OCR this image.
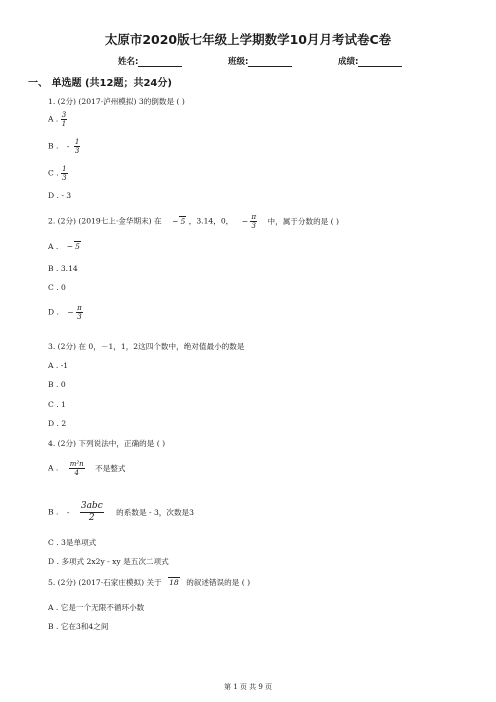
太原市2020版七年级上学期数学10月月考试卷C卷
姓名:	班级:	成绩:
一、 单选题 (共12题；共24分)
1. (2分) (2017·泸州模拟) 3的倒数是 ( )
A . $\frac{3}{1}$
B . - $\frac{1}{3}$
C . $\frac{1}{3}$
D . - 3
2. (2分) (2019七上·金华期末) 在 − 5 ，3.14，0， − $\frac{\pi}{3}$ 中，属于分数的是 ( )
A . − 5
B . 3.14
C . 0
D . − $\frac{\pi}{3}$
3. (2分) 在 0，－1，1，2这四个数中，绝对值最小的数是
A . -1
B . 0
C . 1
D . 2
4. (2分) 下列说法中，正确的是 ( )
A . $\frac{\text{m²n}}{4}$ 不是整式
B . - $\frac{\text{3abc}}{2}$ 的系数是 - 3，次数是3
C . 3是单项式
D . 多项式 2x2y - xy 是五次二项式
5. (2分) (2017·石家庄模拟) 关于 18 的叙述错误的是 ( )
A . 它是一个无限不循环小数
B . 它在3和4之间
第 1 页 共 9 页
